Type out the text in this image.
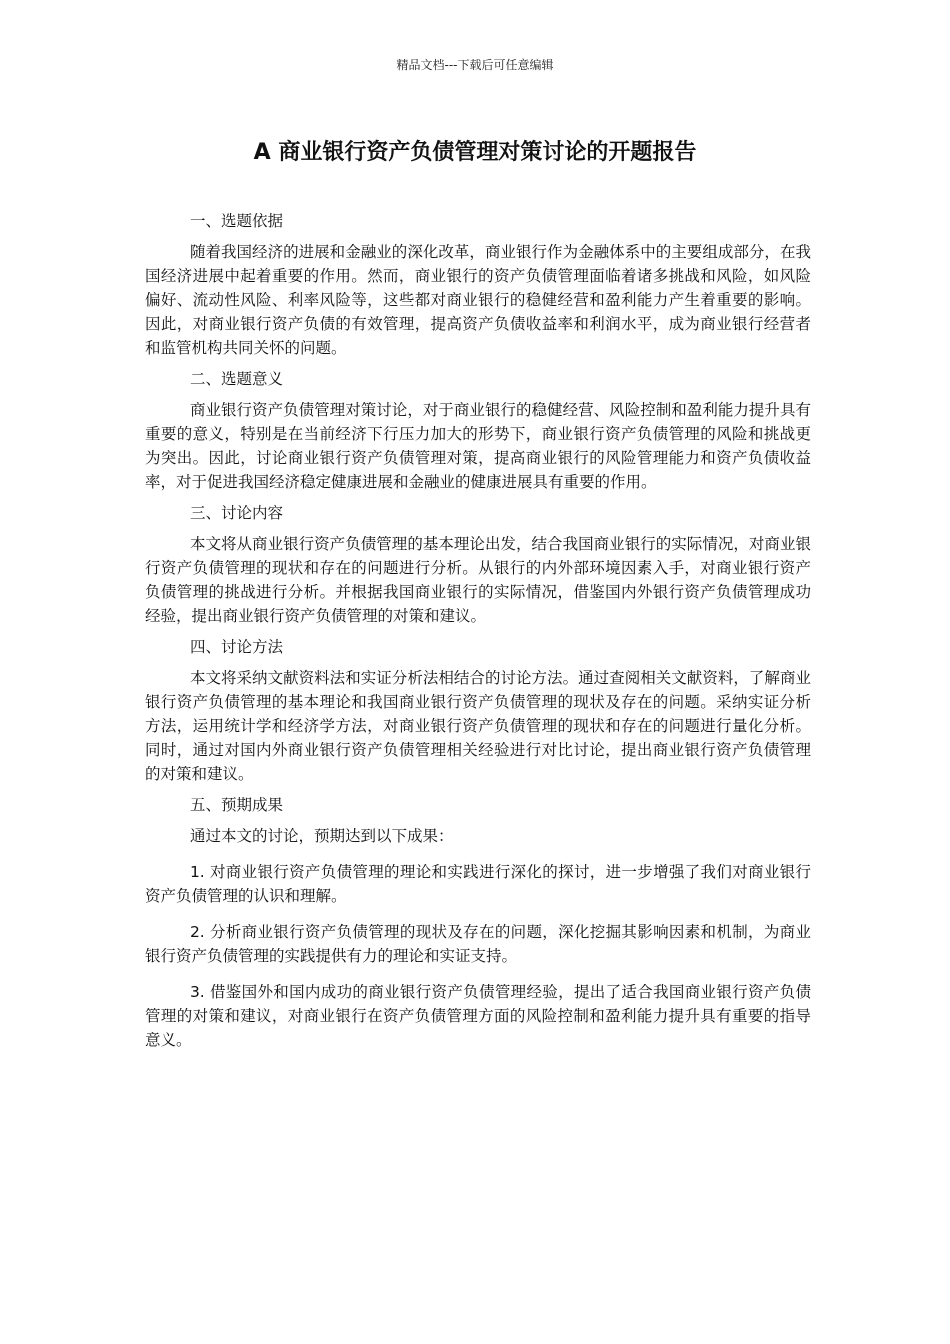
精品文档---下载后可任意编辑
A 商业银行资产负债管理对策讨论的开题报告

一、选题依据

随着我国经济的进展和金融业的深化改革，商业银行作为金融体系中的主要组成部分，在我国经济进展中起着重要的作用。然而，商业银行的资产负债管理面临着诸多挑战和风险，如风险偏好、流动性风险、利率风险等，这些都对商业银行的稳健经营和盈利能力产生着重要的影响。因此，对商业银行资产负债的有效管理，提高资产负债收益率和利润水平，成为商业银行经营者和监管机构共同关怀的问题。

二、选题意义

商业银行资产负债管理对策讨论，对于商业银行的稳健经营、风险控制和盈利能力提升具有重要的意义，特别是在当前经济下行压力加大的形势下，商业银行资产负债管理的风险和挑战更为突出。因此，讨论商业银行资产负债管理对策，提高商业银行的风险管理能力和资产负债收益率，对于促进我国经济稳定健康进展和金融业的健康进展具有重要的作用。

三、讨论内容

本文将从商业银行资产负债管理的基本理论出发，结合我国商业银行的实际情况，对商业银行资产负债管理的现状和存在的问题进行分析。从银行的内外部环境因素入手，对商业银行资产负债管理的挑战进行分析。并根据我国商业银行的实际情况，借鉴国内外银行资产负债管理成功经验，提出商业银行资产负债管理的对策和建议。

四、讨论方法

本文将采纳文献资料法和实证分析法相结合的讨论方法。通过查阅相关文献资料，了解商业银行资产负债管理的基本理论和我国商业银行资产负债管理的现状及存在的问题。采纳实证分析方法，运用统计学和经济学方法，对商业银行资产负债管理的现状和存在的问题进行量化分析。同时，通过对国内外商业银行资产负债管理相关经验进行对比讨论，提出商业银行资产负债管理的对策和建议。

五、预期成果

通过本文的讨论，预期达到以下成果：

1. 对商业银行资产负债管理的理论和实践进行深化的探讨，进一步增强了我们对商业银行资产负债管理的认识和理解。

2. 分析商业银行资产负债管理的现状及存在的问题，深化挖掘其影响因素和机制，为商业银行资产负债管理的实践提供有力的理论和实证支持。

3. 借鉴国外和国内成功的商业银行资产负债管理经验，提出了适合我国商业银行资产负债管理的对策和建议，对商业银行在资产负债管理方面的风险控制和盈利能力提升具有重要的指导意义。
